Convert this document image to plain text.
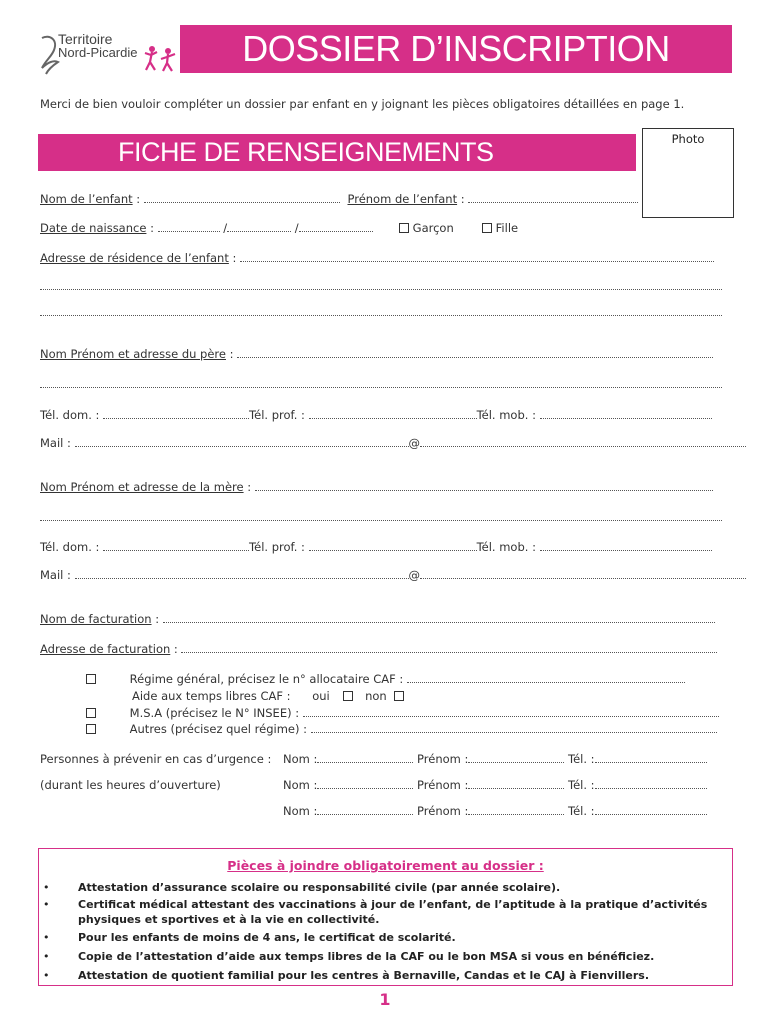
Territoire
Nord-Picardie	DOSSIER D’INSCRIPTION
Merci de bien vouloir compléter un dossier par enfant en y joignant les pièces obligatoires détaillées en page 1.
FICHE DE RENSEIGNEMENTS	Photo
Nom de l’enfant :	Prénom de l’enfant :
Date de naissance :	/	/	Garçon	Fille
Adresse de résidence de l’enfant :
Nom Prénom et adresse du père :
Tél. dom. :	Tél. prof. :	Tél. mob. :
Mail :	@
Nom Prénom et adresse de la mère :
Tél. dom. :	Tél. prof. :	Tél. mob. :
Mail :	@
Nom de facturation :
Adresse de facturation :
Régime général, précisez le n° allocataire CAF :
Aide aux temps libres CAF : oui	non
M.S.A (précisez le N° INSEE) :
Autres (précisez quel régime) :
Personnes à prévenir en cas d’urgence :
(durant les heures d’ouverture)
Nom :	Prénom :	Tél. :
Nom :	Prénom :	Tél. :
Nom :	Prénom :	Tél. :
Pièces à joindre obligatoirement au dossier :
•	Attestation d’assurance scolaire ou responsabilité civile (par année scolaire).
•	Certificat médical attestant des vaccinations à jour de l’enfant, de l’aptitude à la pratique d’activités physiques et sportives et à la vie en collectivité.
•	Pour les enfants de moins de 4 ans, le certificat de scolarité.
•	Copie de l’attestation d’aide aux temps libres de la CAF ou le bon MSA si vous en bénéficiez.
•	Attestation de quotient familial pour les centres à Bernaville, Candas et le CAJ à Fienvillers.
1
